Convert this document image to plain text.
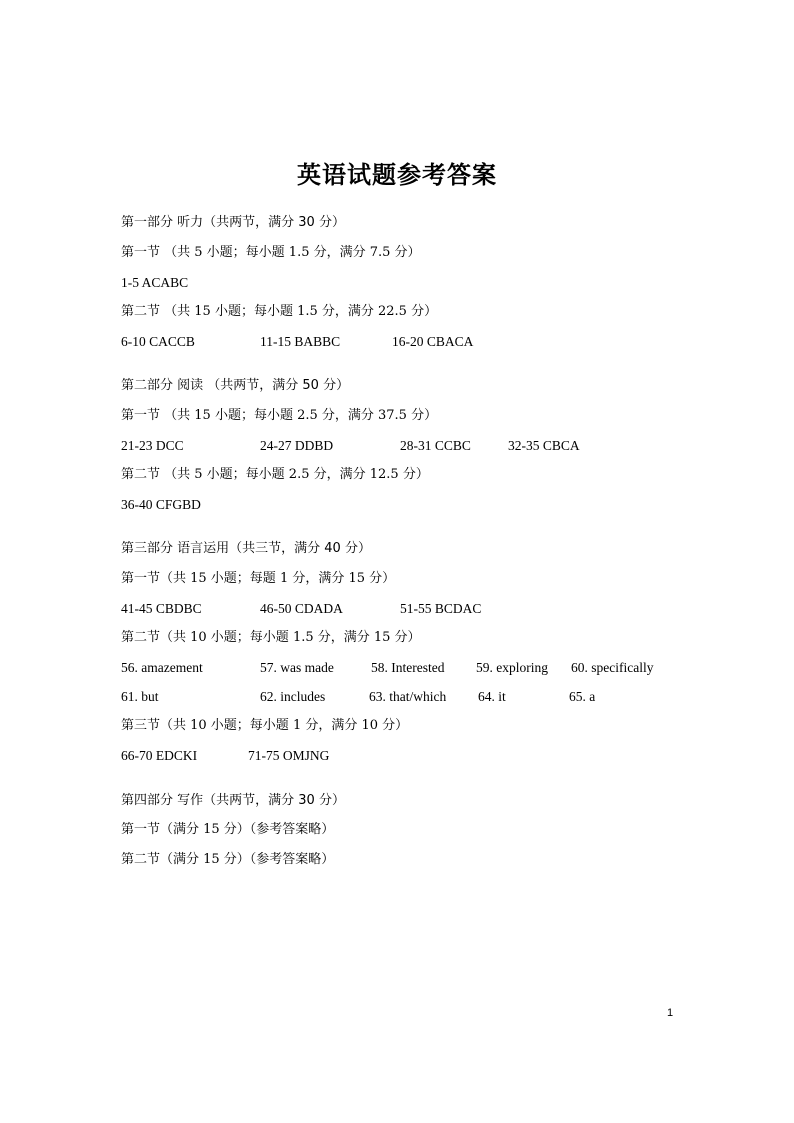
英语试题参考答案
第一部分 听力（共两节，满分 30 分）
第一节 （共 5 小题；每小题 1.5 分，满分 7.5 分）
1-5 ACABC
第二节 （共 15 小题；每小题 1.5 分，满分 22.5 分）
6-10 CACCB	11-15 BABBC	16-20 CBACA
第二部分 阅读 （共两节，满分 50 分）
第一节 （共 15 小题；每小题 2.5 分，满分 37.5 分）
21-23 DCC	24-27 DDBD	28-31 CCBC	32-35 CBCA
第二节 （共 5 小题；每小题 2.5 分，满分 12.5 分）
36-40 CFGBD
第三部分 语言运用（共三节，满分 40 分）
第一节（共 15 小题；每题 1 分，满分 15 分）
41-45 CBDBC	46-50 CDADA	51-55 BCDAC
第二节（共 10 小题；每小题 1.5 分，满分 15 分）
56. amazement	57. was made	58. Interested 59. exploring 60. specifically
61. but	62. includes	63. that/which 64. it	65. a
第三节（共 10 小题；每小题 1 分，满分 10 分）
66-70 EDCKI	71-75 OMJNG
第四部分 写作（共两节，满分 30 分）
第一节（满分 15 分）（参考答案略）
第二节（满分 15 分）（参考答案略）
1
